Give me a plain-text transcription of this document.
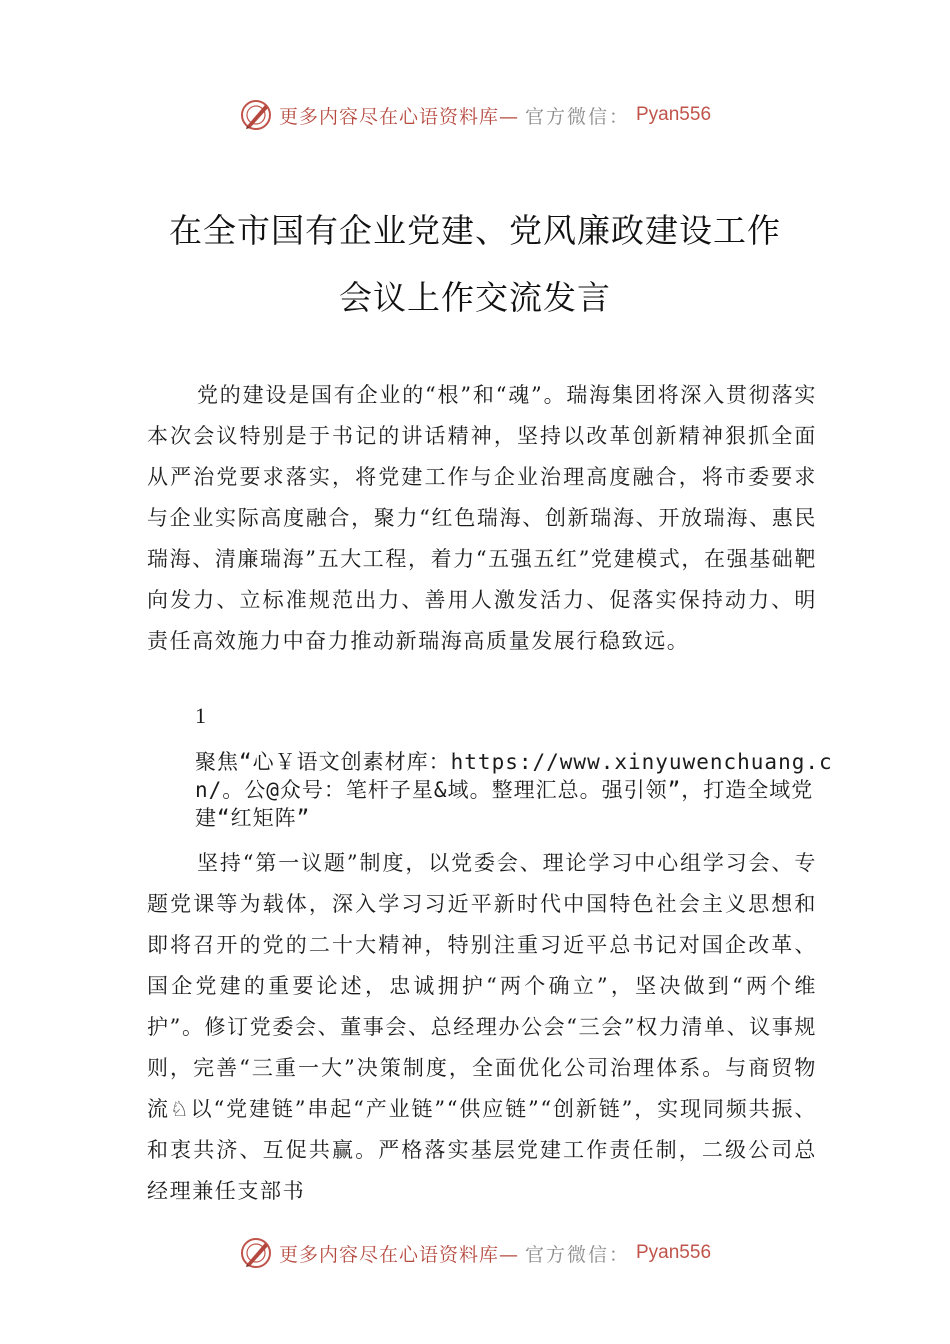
更多内容尽在心语资料库— 官方微信： Pyan556
在全市国有企业党建、党风廉政建设工作
会议上作交流发言

党的建设是国有企业的“根”和“魂”。瑞海集团将深入贯彻落实本次会议特别是于书记的讲话精神，坚持以改革创新精神狠抓全面从严治党要求落实，将党建工作与企业治理高度融合，将市委要求与企业实际高度融合，聚力“红色瑞海、创新瑞海、开放瑞海、惠民瑞海、清廉瑞海”五大工程，着力“五强五红”党建模式，在强基础靶向发力、立标准规范出力、善用人激发活力、促落实保持动力、明责任高效施力中奋力推动新瑞海高质量发展行稳致远。

1

聚焦“心￥语文创素材库：https://www.xinyuwenchuang.cn/。公@众号：笔杆子星&域。整理汇总。强引领”，打造全域党建“红矩阵”

坚持“第一议题”制度，以党委会、理论学习中心组学习会、专题党课等为载体，深入学习习近平新时代中国特色社会主义思想和即将召开的党的二十大精神，特别注重习近平总书记对国企改革、国企党建的重要论述，忠诚拥护“两个确立”，坚决做到“两个维护”。修订党委会、董事会、总经理办公会“三会”权力清单、议事规则，完善“三重一大”决策制度，全面优化公司治理体系。与商贸物流♘以“党建链”串起“产业链”“供应链”“创新链”，实现同频共振、和衷共济、互促共赢。严格落实基层党建工作责任制，二级公司总经理兼任支部书

更多内容尽在心语资料库— 官方微信： Pyan556
